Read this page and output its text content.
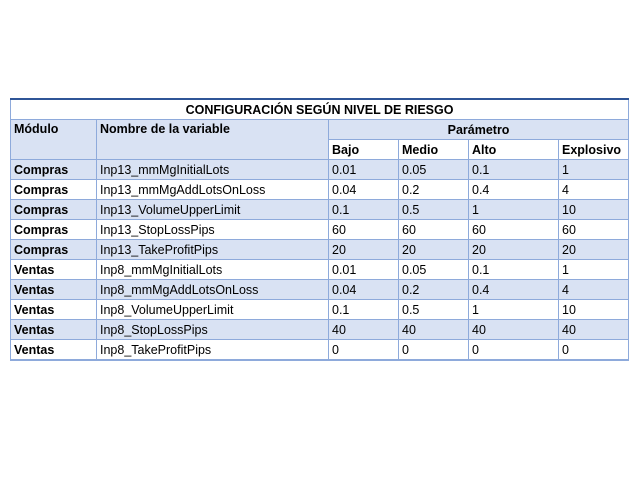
CONFIGURACIÓN SEGÚN NIVEL DE RIESGO					
Módulo	Nombre de la variable	Parámetro			
		Bajo	Medio	Alto	Explosivo
Compras	Inp13_mmMgInitialLots	0.01	0.05	0.1	1
Compras	Inp13_mmMgAddLotsOnLoss	0.04	0.2	0.4	4
Compras	Inp13_VolumeUpperLimit	0.1	0.5	1	10
Compras	Inp13_StopLossPips	60	60	60	60
Compras	Inp13_TakeProfitPips	20	20	20	20
Ventas	Inp8_mmMgInitialLots	0.01	0.05	0.1	1
Ventas	Inp8_mmMgAddLotsOnLoss	0.04	0.2	0.4	4
Ventas	Inp8_VolumeUpperLimit	0.1	0.5	1	10
Ventas	Inp8_StopLossPips	40	40	40	40
Ventas	Inp8_TakeProfitPips	0	0	0	0
